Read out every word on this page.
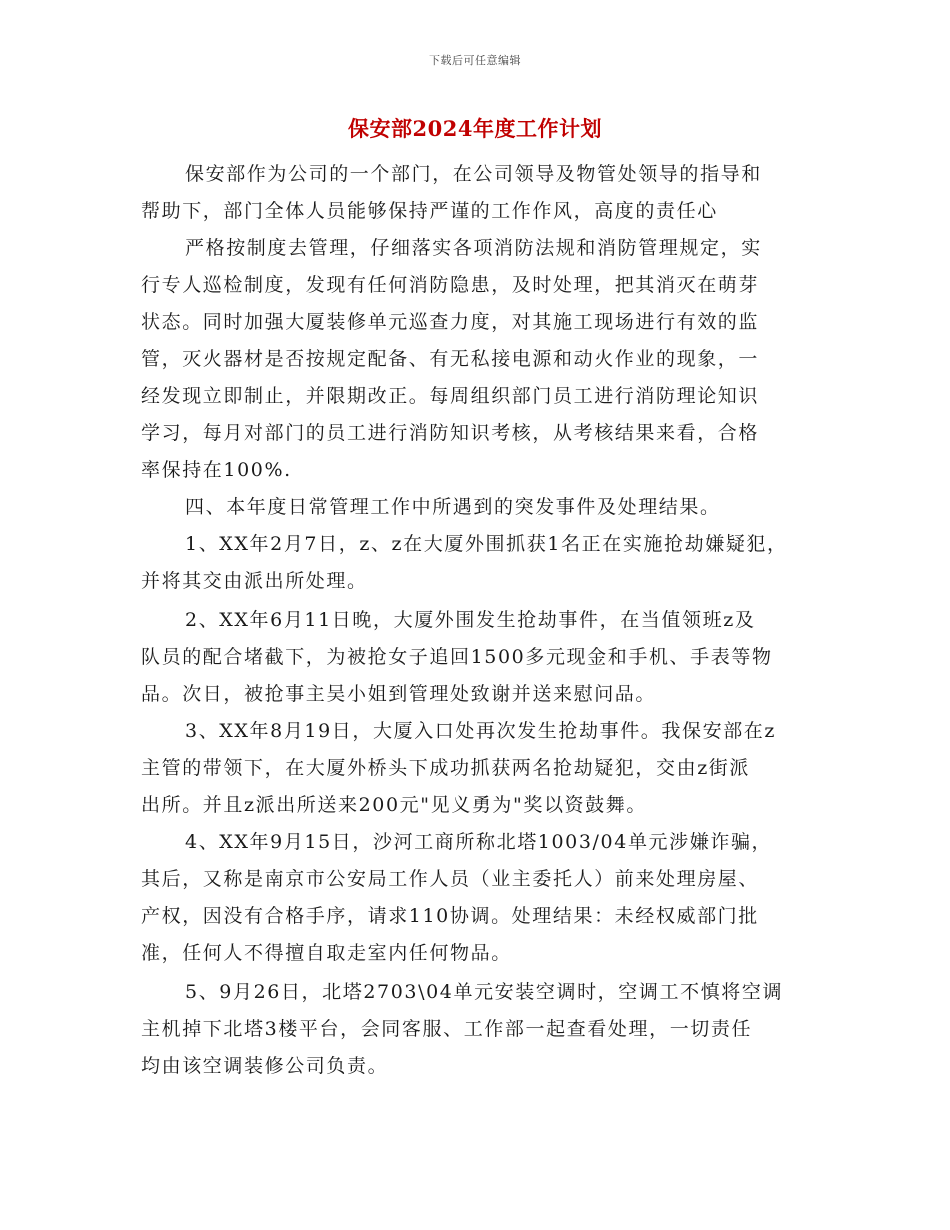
下载后可任意编辑
保安部2024年度工作计划
保安部作为公司的一个部门，在公司领导及物管处领导的指导和
帮助下，部门全体人员能够保持严谨的工作作风，高度的责任心
严格按制度去管理，仔细落实各项消防法规和消防管理规定，实
行专人巡检制度，发现有任何消防隐患，及时处理，把其消灭在萌芽
状态。同时加强大厦装修单元巡查力度，对其施工现场进行有效的监
管，灭火器材是否按规定配备、有无私接电源和动火作业的现象，一
经发现立即制止，并限期改正。每周组织部门员工进行消防理论知识
学习，每月对部门的员工进行消防知识考核，从考核结果来看，合格
率保持在100%.
四、本年度日常管理工作中所遇到的突发事件及处理结果。
1、XX年2月7日，z、z在大厦外围抓获1名正在实施抢劫嫌疑犯，
并将其交由派出所处理。
2、XX年6月11日晚，大厦外围发生抢劫事件，在当值领班z及
队员的配合堵截下，为被抢女子追回1500多元现金和手机、手表等物
品。次日，被抢事主吴小姐到管理处致谢并送来慰问品。
3、XX年8月19日，大厦入口处再次发生抢劫事件。我保安部在z
主管的带领下，在大厦外桥头下成功抓获两名抢劫疑犯，交由z街派
出所。并且z派出所送来200元"见义勇为"奖以资鼓舞。
4、XX年9月15日，沙河工商所称北塔1003/04单元涉嫌诈骗，
其后，又称是南京市公安局工作人员（业主委托人）前来处理房屋、
产权，因没有合格手序，请求110协调。处理结果：未经权威部门批
准，任何人不得擅自取走室内任何物品。
5、9月26日，北塔2703\04单元安装空调时，空调工不慎将空调
主机掉下北塔3楼平台，会同客服、工作部一起查看处理，一切责任
均由该空调装修公司负责。
